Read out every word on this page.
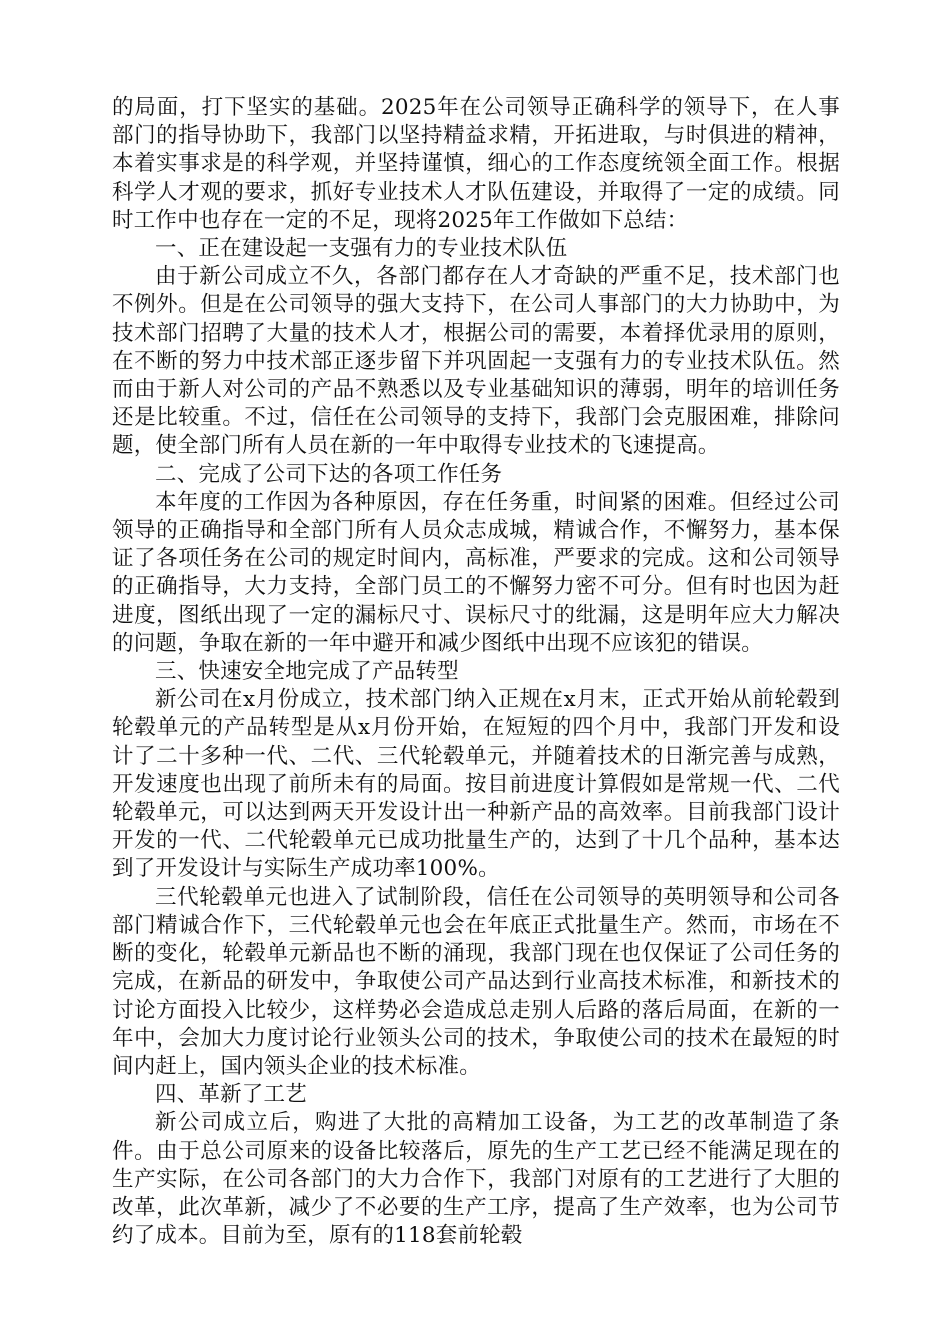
的局面，打下坚实的基础。2025年在公司领导正确科学的领导下，在人事部门的指导协助下，我部门以坚持精益求精，开拓进取，与时俱进的精神，本着实事求是的科学观，并坚持谨慎，细心的工作态度统领全面工作。根据科学人才观的要求，抓好专业技术人才队伍建设，并取得了一定的成绩。同时工作中也存在一定的不足，现将2025年工作做如下总结：

一、正在建设起一支强有力的专业技术队伍

由于新公司成立不久，各部门都存在人才奇缺的严重不足，技术部门也不例外。但是在公司领导的强大支持下，在公司人事部门的大力协助中，为技术部门招聘了大量的技术人才，根据公司的需要，本着择优录用的原则，在不断的努力中技术部正逐步留下并巩固起一支强有力的专业技术队伍。然而由于新人对公司的产品不熟悉以及专业基础知识的薄弱，明年的培训任务还是比较重。不过，信任在公司领导的支持下，我部门会克服困难，排除问题，使全部门所有人员在新的一年中取得专业技术的飞速提高。

二、完成了公司下达的各项工作任务

本年度的工作因为各种原因，存在任务重，时间紧的困难。但经过公司领导的正确指导和全部门所有人员众志成城，精诚合作，不懈努力，基本保证了各项任务在公司的规定时间内，高标准，严要求的完成。这和公司领导的正确指导，大力支持，全部门员工的不懈努力密不可分。但有时也因为赶进度，图纸出现了一定的漏标尺寸、误标尺寸的纰漏，这是明年应大力解决的问题，争取在新的一年中避开和减少图纸中出现不应该犯的错误。

三、快速安全地完成了产品转型

新公司在x月份成立，技术部门纳入正规在x月末，正式开始从前轮毂到轮毂单元的产品转型是从x月份开始，在短短的四个月中，我部门开发和设计了二十多种一代、二代、三代轮毂单元，并随着技术的日渐完善与成熟，开发速度也出现了前所未有的局面。按目前进度计算假如是常规一代、二代轮毂单元，可以达到两天开发设计出一种新产品的高效率。目前我部门设计开发的一代、二代轮毂单元已成功批量生产的，达到了十几个品种，基本达到了开发设计与实际生产成功率100%。

三代轮毂单元也进入了试制阶段，信任在公司领导的英明领导和公司各部门精诚合作下，三代轮毂单元也会在年底正式批量生产。然而，市场在不断的变化，轮毂单元新品也不断的涌现，我部门现在也仅保证了公司任务的完成，在新品的研发中，争取使公司产品达到行业高技术标准，和新技术的讨论方面投入比较少，这样势必会造成总走别人后路的落后局面，在新的一年中，会加大力度讨论行业领头公司的技术，争取使公司的技术在最短的时间内赶上，国内领头企业的技术标准。

四、革新了工艺

新公司成立后，购进了大批的高精加工设备，为工艺的改革制造了条件。由于总公司原来的设备比较落后，原先的生产工艺已经不能满足现在的生产实际，在公司各部门的大力合作下，我部门对原有的工艺进行了大胆的改革，此次革新，减少了不必要的生产工序，提高了生产效率，也为公司节约了成本。目前为至，原有的118套前轮毂
